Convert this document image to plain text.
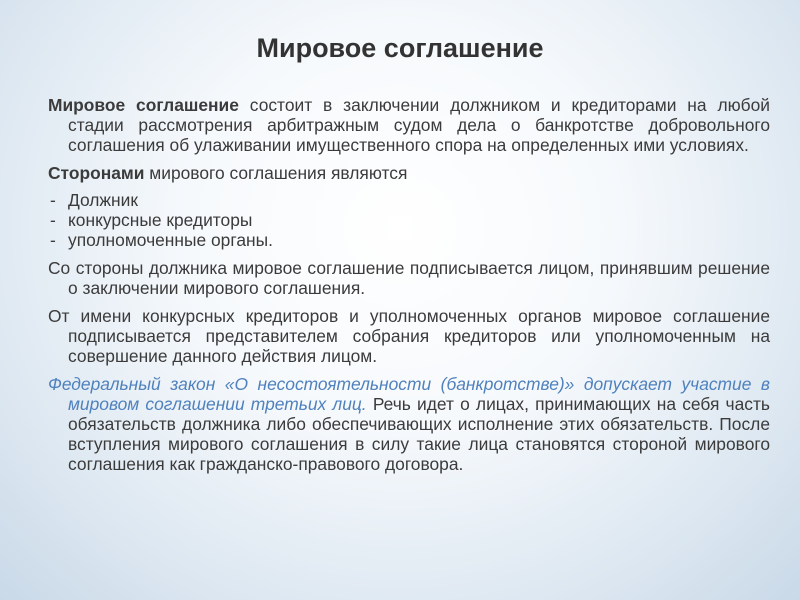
Мировое соглашение

Мировое соглашение состоит в заключении должником и кредиторами на любой стадии рассмотрения арбитражным судом дела о банкротстве добровольного соглашения об улаживании имущественного спора на определенных ими условиях.

Сторонами мирового соглашения являются

- Должник

- конкурсные кредиторы

- уполномоченные органы.

Со стороны должника мировое соглашение подписывается лицом, принявшим решение о заключении мирового соглашения.

От имени конкурсных кредиторов и уполномоченных органов мировое соглашение подписывается представителем собрания кредиторов или уполномоченным на совершение данного действия лицом.

Федеральный закон «О несостоятельности (банкротстве)» допускает участие в мировом соглашении третьих лиц. Речь идет о лицах, принимающих на себя часть обязательств должника либо обеспечивающих исполнение этих обязательств. После вступления мирового соглашения в силу такие лица становятся стороной мирового соглашения как гражданско-правового договора.
